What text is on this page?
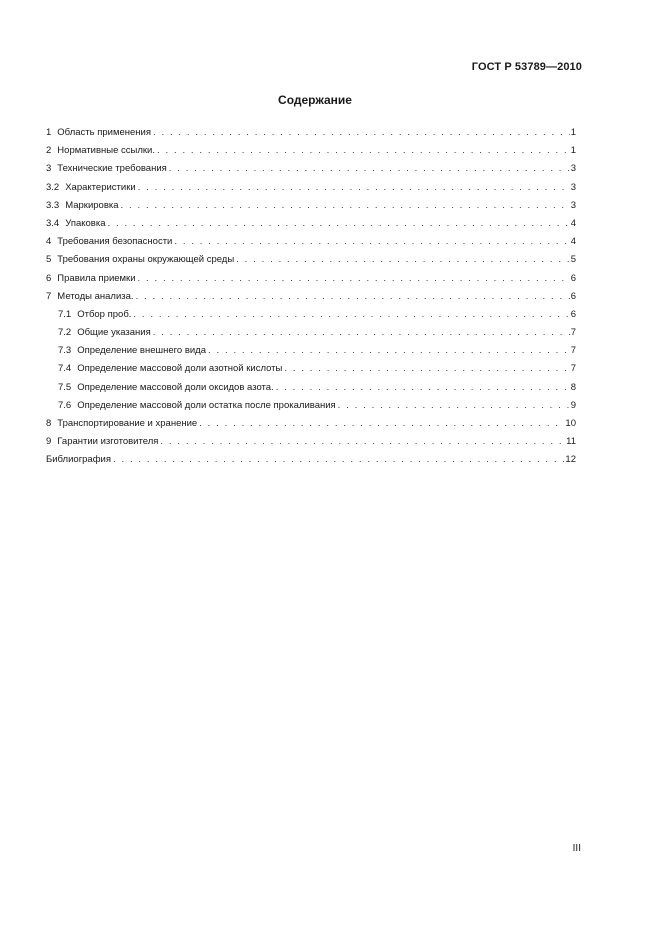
ГОСТ Р 53789—2010
Содержание
1 Область применения . . .	1
2 Нормативные ссылки. . . .	1
3 Технические требования . . .	3
3.2 Характеристики . . .	3
3.3 Маркировка . . .	3
3.4 Упаковка . . .	4
4 Требования безопасности . . .	4
5 Требования охраны окружающей среды . . .	5
6 Правила приемки . . .	6
7 Методы анализа. . . .	6
7.1 Отбор проб. . . .	6
7.2 Общие указания . . .	7
7.3 Определение внешнего вида . . .	7
7.4 Определение массовой доли азотной кислоты . . .	7
7.5 Определение массовой доли оксидов азота. . . .	8
7.6 Определение массовой доли остатка после прокаливания . . .	9
8 Транспортирование и хранение . . .	10
9 Гарантии изготовителя . . .	11
Библиография . . .	12
III
